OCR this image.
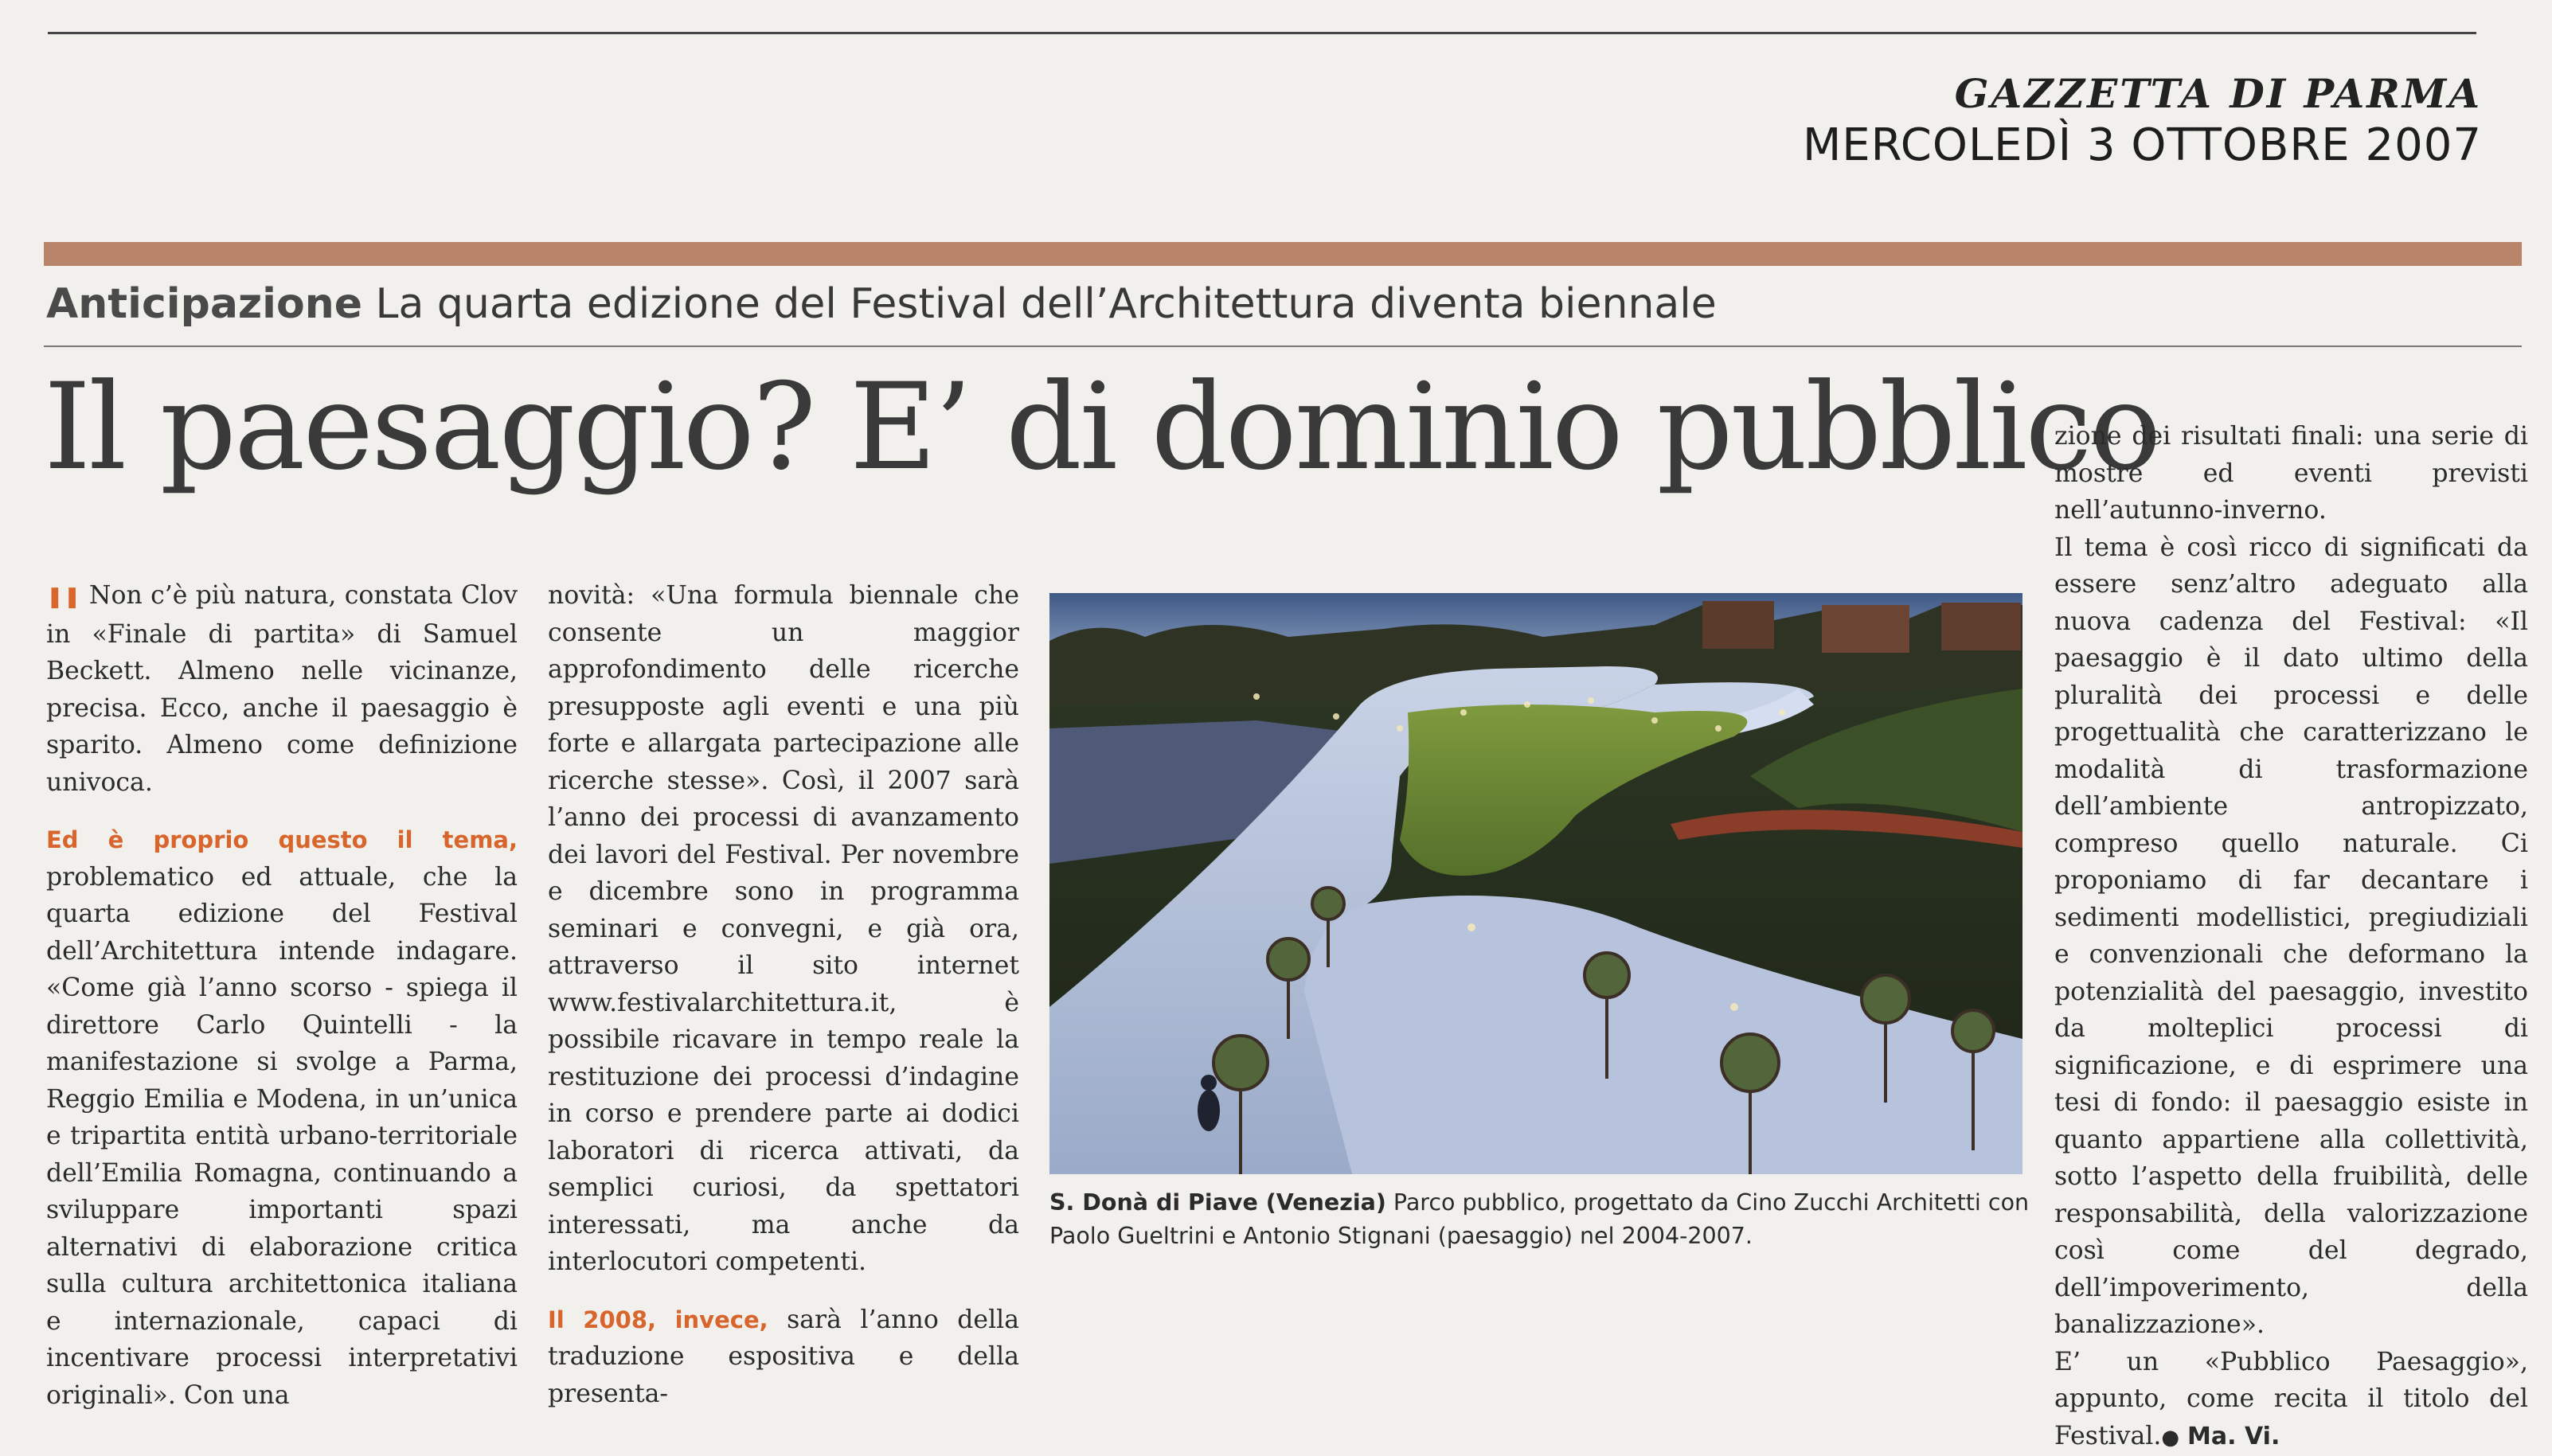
GAZZETTA DI PARMA
MERCOLEDÌ 3 OTTOBRE 2007
Anticipazione La quarta edizione del Festival dell’Architettura diventa biennale
Il paesaggio? E’ di dominio pubblico

❚❚ Non c’è più natura, constata Clov in «Finale di partita» di Samuel Beckett. Almeno nelle vicinanze, precisa. Ecco, anche il paesaggio è sparito. Almeno come definizione univoca.

Ed è proprio questo il tema, problematico ed attuale, che la quarta edizione del Festival dell’Architettura intende indagare. «Come già l’anno scorso - spiega il direttore Carlo Quintelli - la manifestazione si svolge a Parma, Reggio Emilia e Modena, in un’unica e tripartita entità urbano-territoriale dell’Emilia Romagna, continuando a sviluppare importanti spazi alternativi di elaborazione critica sulla cultura architettonica italiana e internazionale, capaci di incentivare processi interpretativi originali». Con una

novità: «Una formula biennale che consente un maggior approfondimento delle ricerche presupposte agli eventi e una più forte e allargata partecipazione alle ricerche stesse». Così, il 2007 sarà l’anno dei processi di avanzamento dei lavori del Festival. Per novembre e dicembre sono in programma seminari e convegni, e già ora, attraverso il sito internet www.festivalarchitettura.it, è possibile ricavare in tempo reale la restituzione dei processi d’indagine in corso e prendere parte ai dodici laboratori di ricerca attivati, da semplici curiosi, da spettatori interessati, ma anche da interlocutori competenti.

Il 2008, invece, sarà l’anno della traduzione espositiva e della presenta-

S. Donà di Piave (Venezia) Parco pubblico, progettato da Cino Zucchi Architetti con Paolo Gueltrini e Antonio Stignani (paesaggio) nel 2004-2007.

zione dei risultati finali: una serie di mostre ed eventi previsti nell’autunno-inverno.

Il tema è così ricco di significati da essere senz’altro adeguato alla nuova cadenza del Festival: «Il paesaggio è il dato ultimo della pluralità dei processi e delle progettualità che caratterizzano le modalità di trasformazione dell’ambiente antropizzato, compreso quello naturale. Ci proponiamo di far decantare i sedimenti modellistici, pregiudiziali e convenzionali che deformano la potenzialità del paesaggio, investito da molteplici processi di significazione, e di esprimere una tesi di fondo: il paesaggio esiste in quanto appartiene alla collettività, sotto l’aspetto della fruibilità, delle responsabilità, della valorizzazione così come del degrado, dell’impoverimento, della banalizzazione».

E’ un «Pubblico Paesaggio», appunto, come recita il titolo del Festival.● Ma. Vi.
